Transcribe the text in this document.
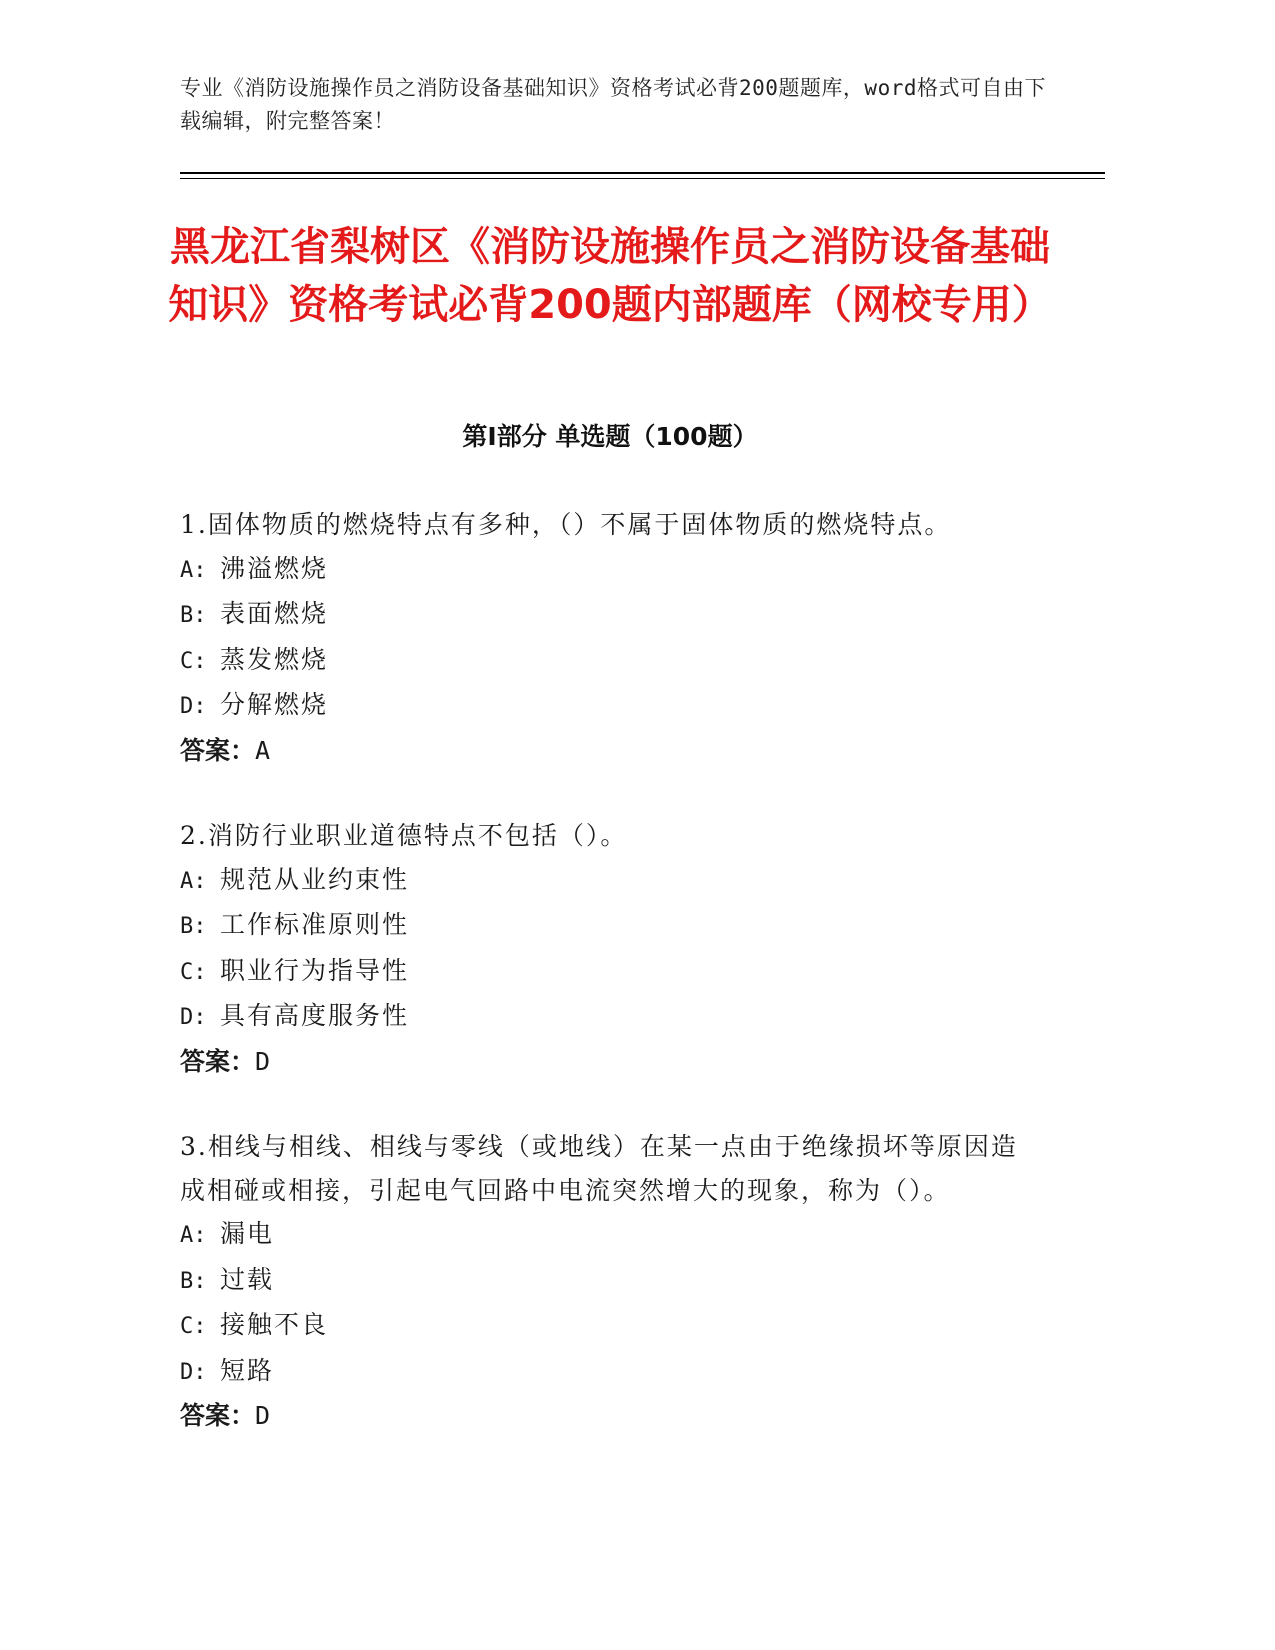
专业《消防设施操作员之消防设备基础知识》资格考试必背200题题库，word格式可自由下载编辑，附完整答案！
黑龙江省梨树区《消防设施操作员之消防设备基础知识》资格考试必背200题内部题库（网校专用）
第Ⅰ部分 单选题（100题）
1.固体物质的燃烧特点有多种，（）不属于固体物质的燃烧特点。
A: 沸溢燃烧
B: 表面燃烧
C: 蒸发燃烧
D: 分解燃烧
答案：A
2.消防行业职业道德特点不包括（）。
A: 规范从业约束性
B: 工作标准原则性
C: 职业行为指导性
D: 具有高度服务性
答案：D
3.相线与相线、相线与零线（或地线）在某一点由于绝缘损坏等原因造成相碰或相接，引起电气回路中电流突然增大的现象，称为（）。
A: 漏电
B: 过载
C: 接触不良
D: 短路
答案：D
